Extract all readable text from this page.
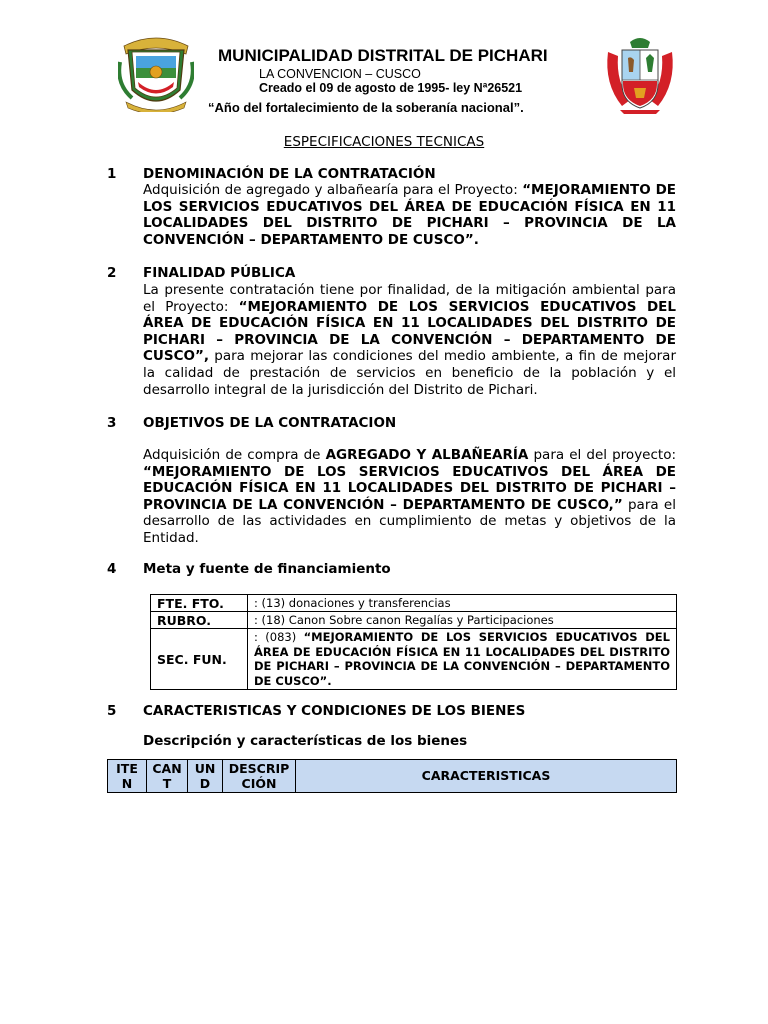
MUNICIPALIDAD DISTRITAL DE PICHARI
LA CONVENCION – CUSCO
Creado el 09 de agosto de 1995- ley Nª26521
“Año del fortalecimiento de la soberanía nacional”.
ESPECIFICACIONES TECNICAS
1 DENOMINACIÓN DE LA CONTRATACIÓN
Adquisición de agregado y albañearía para el Proyecto: “MEJORAMIENTO DE LOS SERVICIOS EDUCATIVOS DEL ÁREA DE EDUCACIÓN FÍSICA EN 11 LOCALIDADES DEL DISTRITO DE PICHARI – PROVINCIA DE LA CONVENCIÓN – DEPARTAMENTO DE CUSCO”.
2 FINALIDAD PÚBLICA
La presente contratación tiene por finalidad, de la mitigación ambiental para el Proyecto: “MEJORAMIENTO DE LOS SERVICIOS EDUCATIVOS DEL ÁREA DE EDUCACIÓN FÍSICA EN 11 LOCALIDADES DEL DISTRITO DE PICHARI – PROVINCIA DE LA CONVENCIÓN – DEPARTAMENTO DE CUSCO”, para mejorar las condiciones del medio ambiente, a fin de mejorar la calidad de prestación de servicios en beneficio de la población y el desarrollo integral de la jurisdicción del Distrito de Pichari.
3 OBJETIVOS DE LA CONTRATACION
Adquisición de compra de AGREGADO Y ALBAÑEARÍA para el del proyecto: “MEJORAMIENTO DE LOS SERVICIOS EDUCATIVOS DEL ÁREA DE EDUCACIÓN FÍSICA EN 11 LOCALIDADES DEL DISTRITO DE PICHARI – PROVINCIA DE LA CONVENCIÓN – DEPARTAMENTO DE CUSCO,” para el desarrollo de las actividades en cumplimiento de metas y objetivos de la Entidad.
4 Meta y fuente de financiamiento
FTE. FTO.	: (13) donaciones y transferencias
RUBRO.	: (18) Canon Sobre canon Regalías y Participaciones
SEC. FUN.	: (083) “MEJORAMIENTO DE LOS SERVICIOS EDUCATIVOS DEL ÁREA DE EDUCACIÓN FÍSICA EN 11 LOCALIDADES DEL DISTRITO DE PICHARI – PROVINCIA DE LA CONVENCIÓN – DEPARTAMENTO DE CUSCO”.
5 CARACTERISTICAS Y CONDICIONES DE LOS BIENES
Descripción y características de los bienes
ITE N	CAN T	UN D	DESCRIP CIÓN	CARACTERISTICAS
